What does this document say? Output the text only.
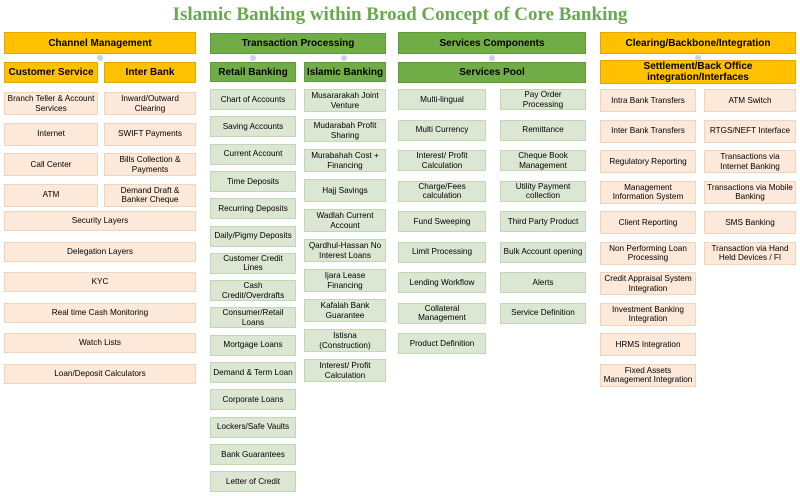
Islamic Banking within Broad Concept of Core Banking
Channel Management
Customer Service	Inter Bank
Branch Teller & Account Services
Internet
Call Center
ATM
Inward/Outward Clearing
SWIFT Payments
Bills Collection & Payments
Demand Draft & Banker Cheque
Security Layers
Delegation Layers
KYC
Real time Cash Monitoring
Watch Lists
Loan/Deposit Calculators
Transaction Processing
Retail Banking	Islamic Banking
Chart of Accounts
Saving Accounts
Current Account
Time Deposits
Recurring Deposits
Daily/Pigmy Deposits
Customer Credit Lines
Cash Credit/Overdrafts
Consumer/Retail Loans
Mortgage Loans
Demand & Term Loan
Corporate Loans
Lockers/Safe Vaults
Bank Guarantees
Letter of Credit
Musararakah Joint Venture
Mudarabah Profit Sharing
Murabahah Cost + Financing
Hajj Savings
Wadlah Current Account
Qardhul-Hassan No Interest Loans
Ijara Lease Financing
Kafalah Bank Guarantee
Istisna (Construction)
Interest/ Profit Calculation
Services Components
Services Pool
Multi-lingual
Multi Currency
Interest/ Profit Calculation
Charge/Fees calculation
Fund Sweeping
Limit Processing
Lending Workflow
Collateral Management
Product Definition
Pay Order Processing
Remittance
Cheque Book Management
Utility Payment collection
Third Party Product
Bulk Account opening
Alerts
Service Definition
Clearing/Backbone/Integration
Settlement/Back Office integration/Interfaces
Intra Bank Transfers
Inter Bank Transfers
Regulatory Reporting
Management Information System
Client Reporting
Non Performing Loan Processing
Credit Appraisal System Integration
Investment Banking Integration
HRMS Integration
Fixed Assets Management Integration
ATM Switch
RTGS/NEFT Interface
Transactions via Internet Banking
Transactions via Mobile Banking
SMS Banking
Transaction via Hand Held Devices / FI
